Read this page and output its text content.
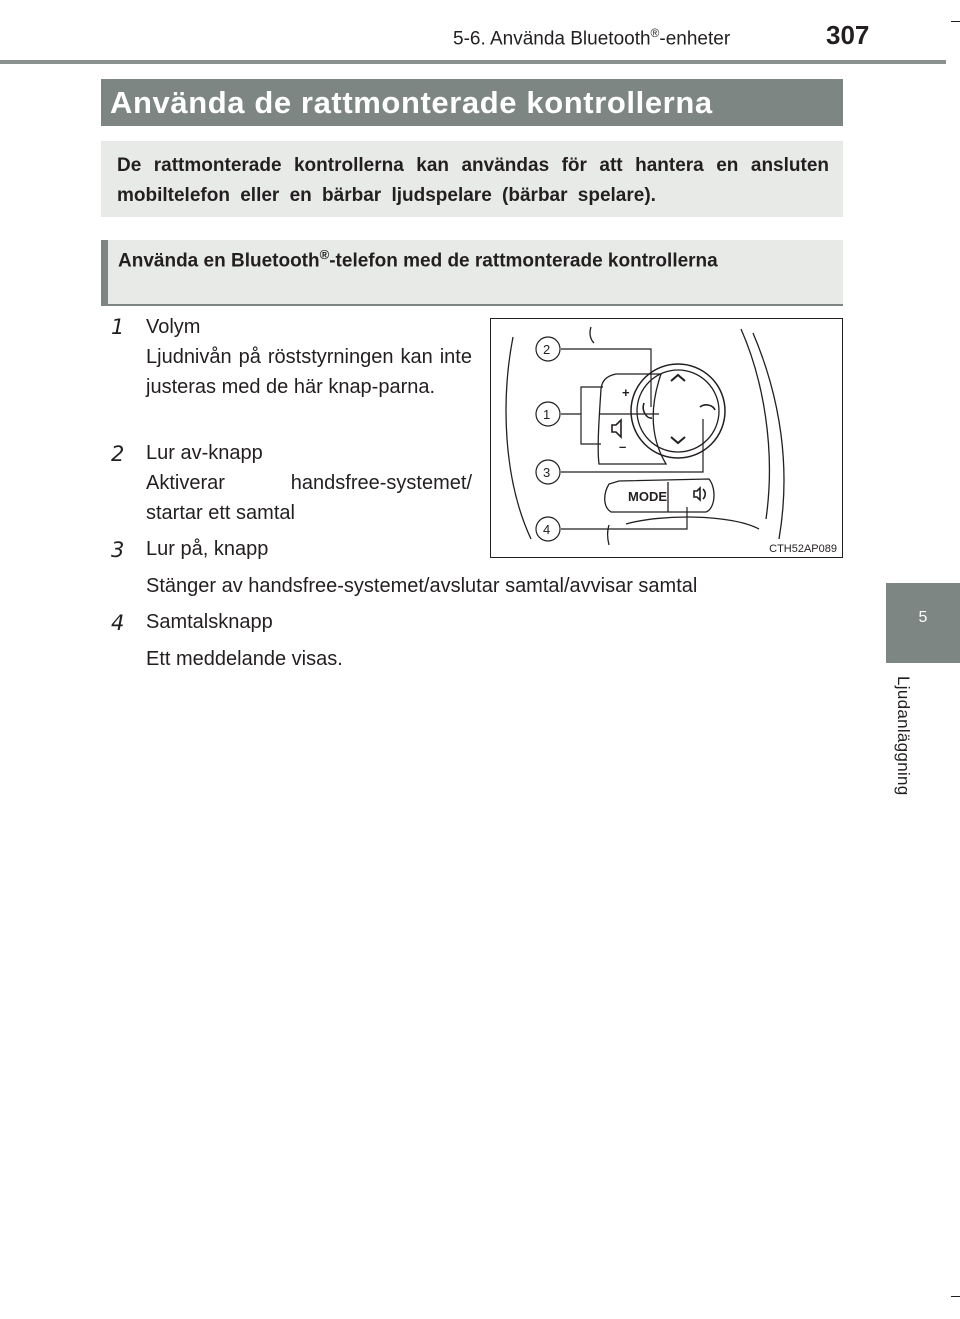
5-6. Använda Bluetooth®-enheter	307
5
Ljudanläggning
Använda de rattmonterade kontrollerna

De rattmonterade kontrollerna kan användas för att hantera en ansluten mobiltelefon eller en bärbar ljudspelare (bärbar spelare).

Använda en Bluetooth®-telefon med de rattmonterade kontrollerna
1	Volym
Ljudnivån på röststyrningen kan inte justeras med de här knap-parna.
2	Lur av-knapp
Aktiverar handsfree-systemet/ startar ett samtal
3	Lur på, knapp
Stänger av handsfree-systemet/avslutar samtal/avvisar samtal
4	Samtalsknapp
Ett meddelande visas.
+
–
MODE
2
1
3
4
CTH52AP089
